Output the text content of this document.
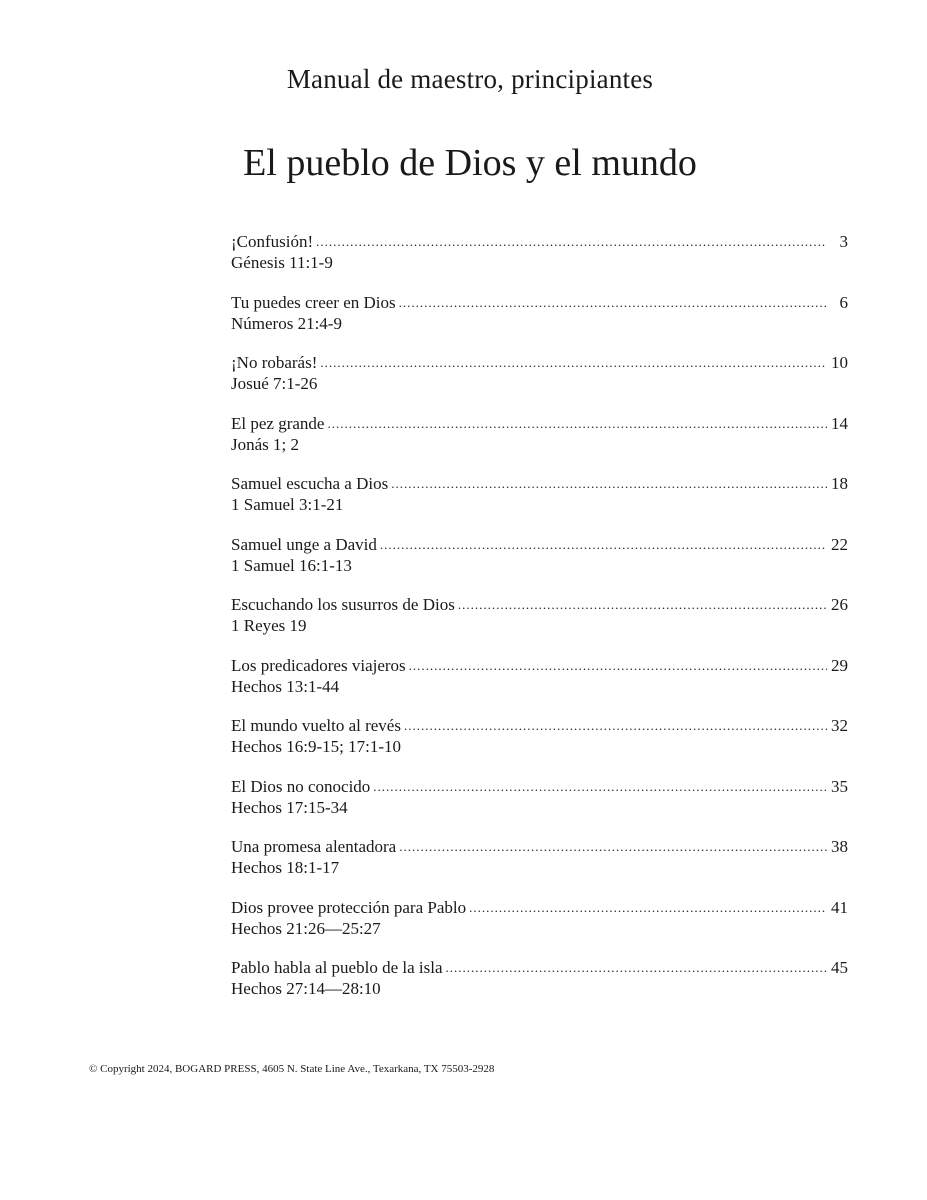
Manual de maestro, principiantes
El pueblo de Dios y el mundo
¡Confusión! .....	3
Génesis 11:1-9
Tu puedes creer en Dios .....	6
Números 21:4-9
¡No robarás! .....	10
Josué 7:1-26
El pez grande .....	14
Jonás 1; 2
Samuel escucha a Dios .....	18
1 Samuel 3:1-21
Samuel unge a David .....	22
1 Samuel 16:1-13
Escuchando los susurros de Dios .....	26
1 Reyes 19
Los predicadores viajeros .....	29
Hechos 13:1-44
El mundo vuelto al revés .....	32
Hechos 16:9-15; 17:1-10
El Dios no conocido .....	35
Hechos 17:15-34
Una promesa alentadora .....	38
Hechos 18:1-17
Dios provee protección para Pablo .....	41
Hechos 21:26—25:27
Pablo habla al pueblo de la isla .....	45
Hechos 27:14—28:10
© Copyright 2024, BOGARD PRESS, 4605 N. State Line Ave., Texarkana, TX 75503-2928
